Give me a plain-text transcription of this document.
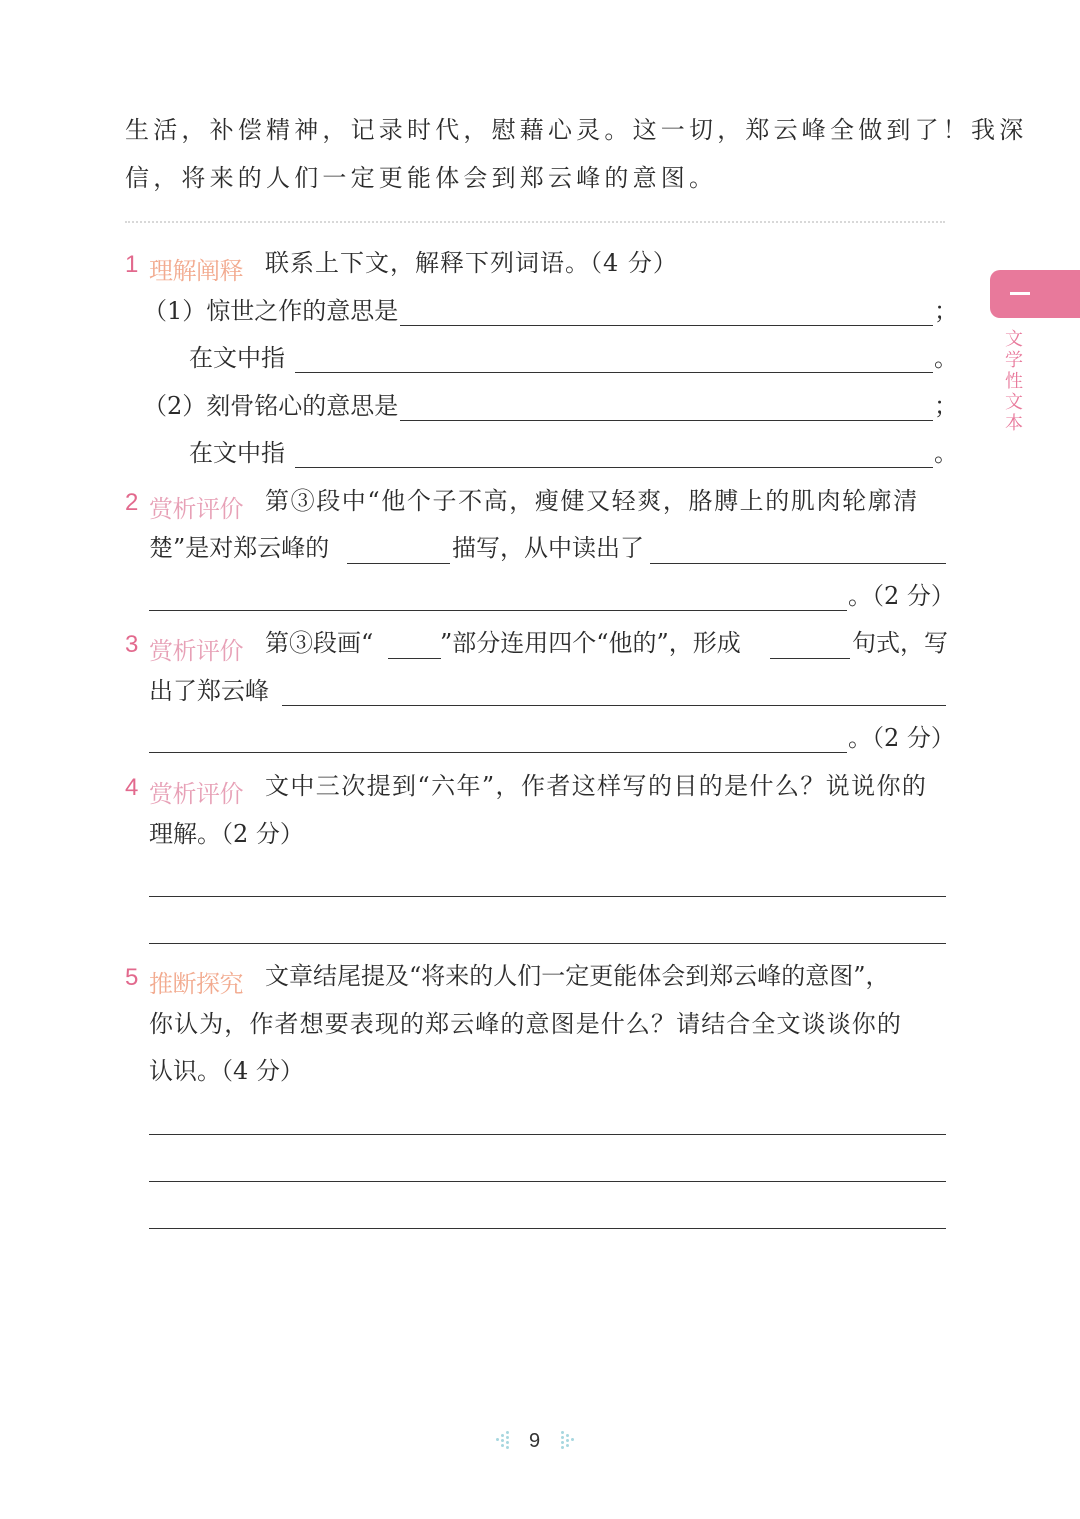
生活，补偿精神，记录时代，慰藉心灵。这一切，郑云峰全做到了！我深
信，将来的人们一定更能体会到郑云峰的意图。
文
学
性
文
本
1 理解阐释 联系上下文，解释下列词语。（4 分）
（1）惊世之作的意思是	；
在文中指	。
（2）刻骨铭心的意思是	；
在文中指	。
2 赏析评价 第③段中“他个子不高，瘦健又轻爽，胳膊上的肌肉轮廓清
楚”是对郑云峰的	描写，从中读出了
。（2 分）
3 赏析评价 第③段画“	”部分连用四个“他的”，形成	句式，写
出了郑云峰
。（2 分）
4 赏析评价 文中三次提到“六年”，作者这样写的目的是什么？说说你的
理解。（2 分）
5 推断探究 文章结尾提及“将来的人们一定更能体会到郑云峰的意图”，
你认为，作者想要表现的郑云峰的意图是什么？请结合全文谈谈你的
认识。（4 分）
9
